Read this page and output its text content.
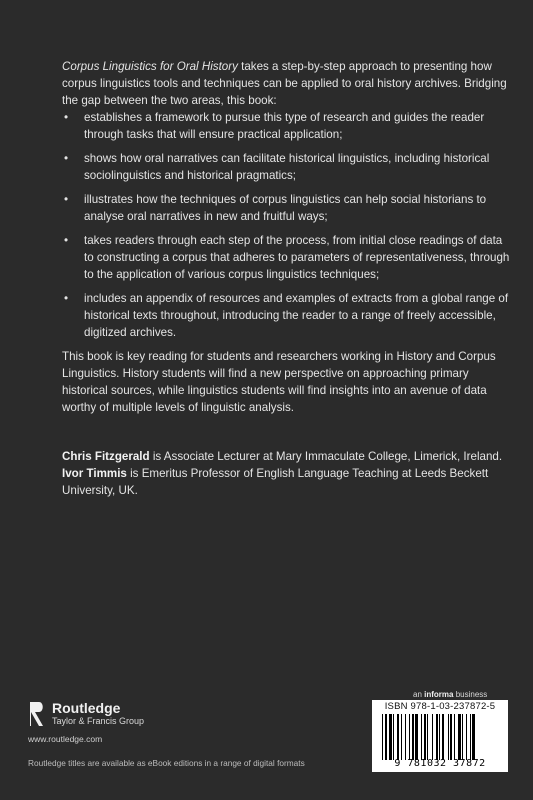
Corpus Linguistics for Oral History takes a step-by-step approach to presenting how corpus linguistics tools and techniques can be applied to oral history archives. Bridging the gap between the two areas, this book:

• establishes a framework to pursue this type of research and guides the reader through tasks that will ensure practical application;
• shows how oral narratives can facilitate historical linguistics, including historical sociolinguistics and historical pragmatics;
• illustrates how the techniques of corpus linguistics can help social historians to analyse oral narratives in new and fruitful ways;
• takes readers through each step of the process, from initial close readings of data to constructing a corpus that adheres to parameters of representativeness, through to the application of various corpus linguistics techniques;
• includes an appendix of resources and examples of extracts from a global range of historical texts throughout, introducing the reader to a range of freely accessible, digitized archives.

This book is key reading for students and researchers working in History and Corpus Linguistics. History students will find a new perspective on approaching primary historical sources, while linguistics students will find insights into an avenue of data worthy of multiple levels of linguistic analysis.

Chris Fitzgerald is Associate Lecturer at Mary Immaculate College, Limerick, Ireland.

Ivor Timmis is Emeritus Professor of English Language Teaching at Leeds Beckett University, UK.

Routledge
Taylor & Francis Group
www.routledge.com
Routledge titles are available as eBook editions in a range of digital formats
an informa business
ISBN 978-1-03-237872-5
9 781032 37872
